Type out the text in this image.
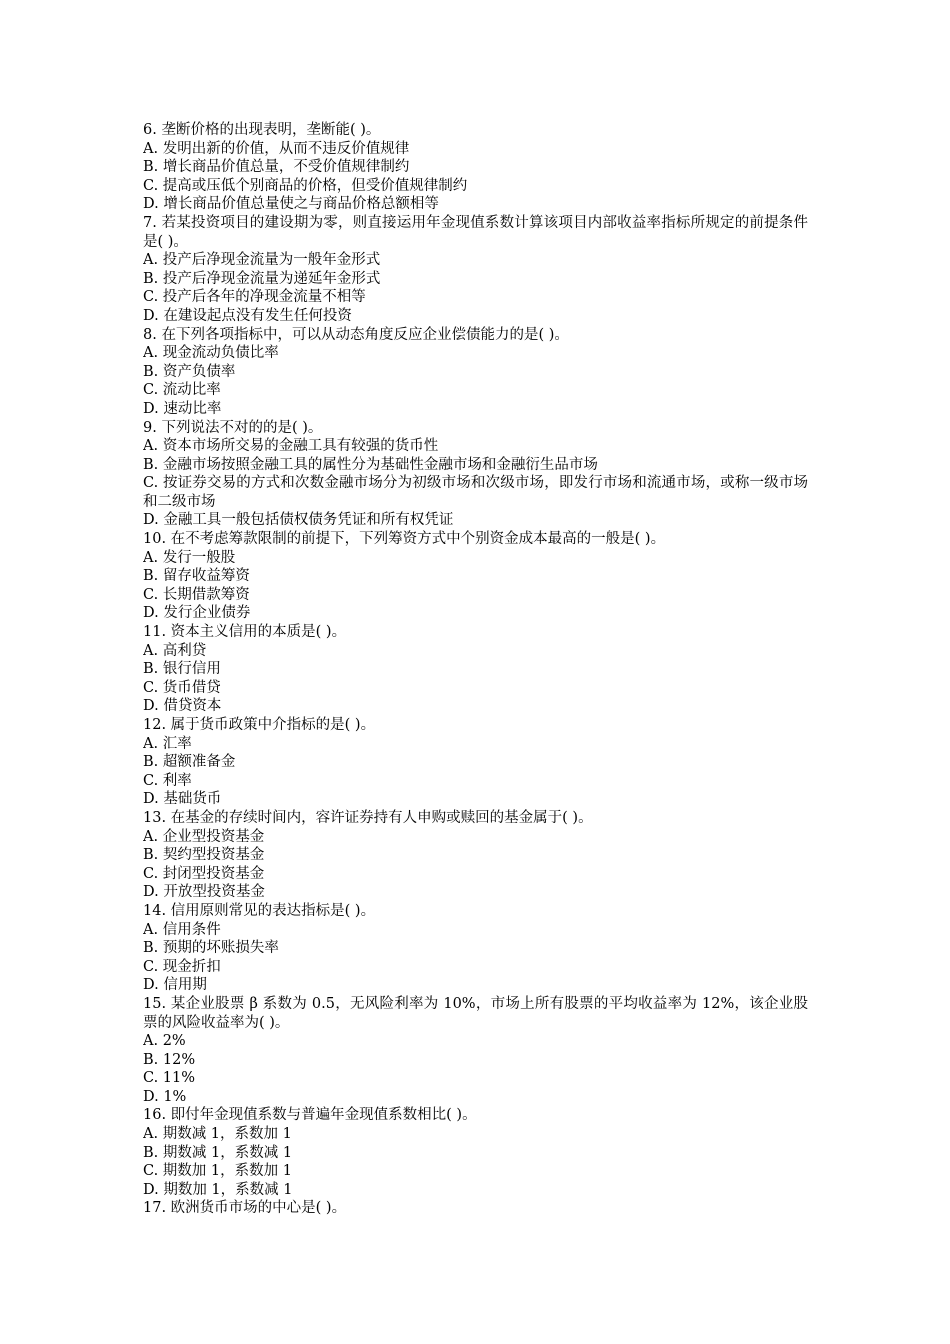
6. 垄断价格的出现表明，垄断能( )。
A. 发明出新的价值，从而不违反价值规律
B. 增长商品价值总量，不受价值规律制约
C. 提高或压低个别商品的价格，但受价值规律制约
D. 增长商品价值总量使之与商品价格总额相等
7. 若某投资项目的建设期为零，则直接运用年金现值系数计算该项目内部收益率指标所规定的前提条件是( )。
A. 投产后净现金流量为一般年金形式
B. 投产后净现金流量为递延年金形式
C. 投产后各年的净现金流量不相等
D. 在建设起点没有发生任何投资
8. 在下列各项指标中，可以从动态角度反应企业偿债能力的是( )。
A. 现金流动负债比率
B. 资产负债率
C. 流动比率
D. 速动比率
9. 下列说法不对的的是( )。
A. 资本市场所交易的金融工具有较强的货币性
B. 金融市场按照金融工具的属性分为基础性金融市场和金融衍生品市场
C. 按证券交易的方式和次数金融市场分为初级市场和次级市场，即发行市场和流通市场，或称一级市场和二级市场
D. 金融工具一般包括债权债务凭证和所有权凭证
10. 在不考虑筹款限制的前提下，下列筹资方式中个别资金成本最高的一般是( )。
A. 发行一般股
B. 留存收益筹资
C. 长期借款筹资
D. 发行企业债券
11. 资本主义信用的本质是( )。
A. 高利贷
B. 银行信用
C. 货币借贷
D. 借贷资本
12. 属于货币政策中介指标的是( )。
A. 汇率
B. 超额准备金
C. 利率
D. 基础货币
13. 在基金的存续时间内，容许证券持有人申购或赎回的基金属于( )。
A. 企业型投资基金
B. 契约型投资基金
C. 封闭型投资基金
D. 开放型投资基金
14. 信用原则常见的表达指标是( )。
A. 信用条件
B. 预期的坏账损失率
C. 现金折扣
D. 信用期
15. 某企业股票 β 系数为 0.5，无风险利率为 10%，市场上所有股票的平均收益率为 12%，该企业股票的风险收益率为( )。
A. 2%
B. 12%
C. 11%
D. 1%
16. 即付年金现值系数与普遍年金现值系数相比( )。
A. 期数减 1，系数加 1
B. 期数减 1，系数减 1
C. 期数加 1，系数加 1
D. 期数加 1，系数减 1
17. 欧洲货币市场的中心是( )。
